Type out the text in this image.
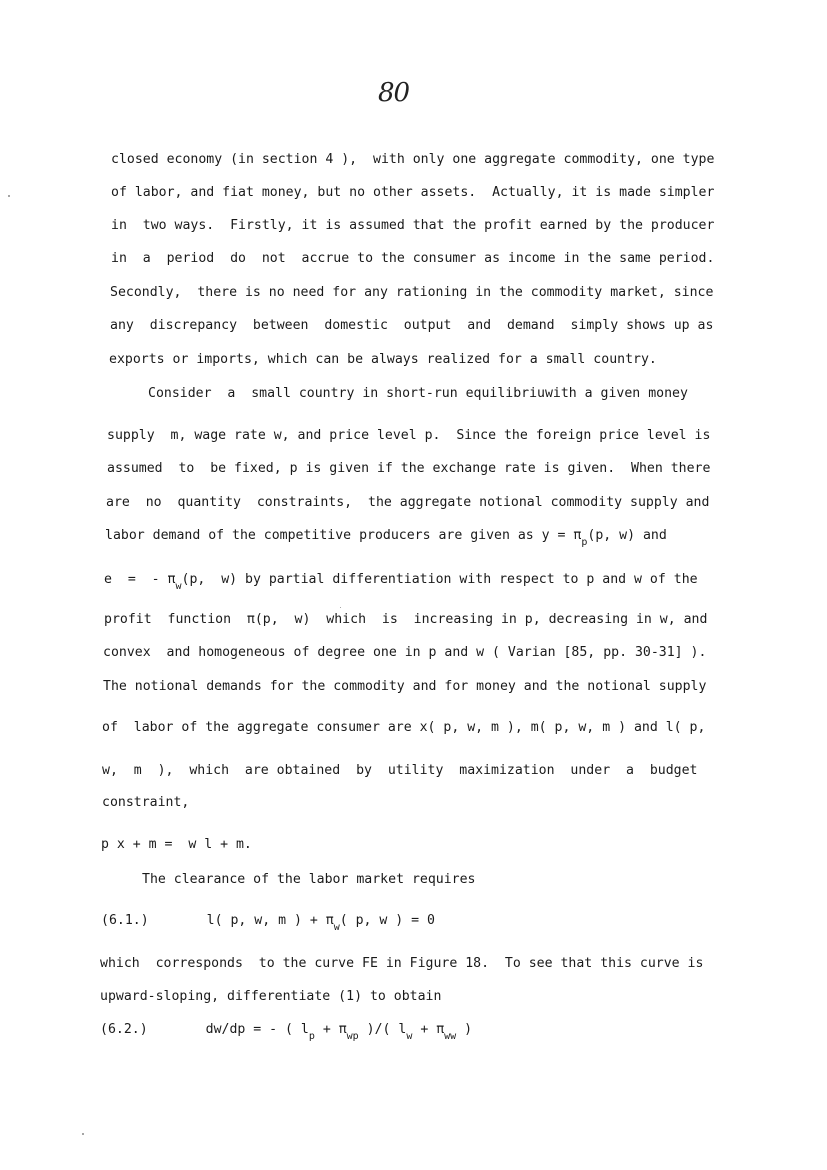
80
closed economy (in section 4 ),  with only one aggregate commodity, one type
of labor, and fiat money, but no other assets.  Actually, it is made simpler
in  two ways.  Firstly, it is assumed that the profit earned by the producer
in  a  period  do  not  accrue to the consumer as income in the same period.
Secondly,  there is no need for any rationing in the commodity market, since
any  discrepancy  between  domestic  output  and  demand  simply shows up as
exports or imports, which can be always realized for a small country.
Consider  a  small country in short-run equilibriuwith a given money
supply  m, wage rate w, and price level p.  Since the foreign price level is
assumed  to  be fixed, p is given if the exchange rate is given.  When there
are  no  quantity  constraints,  the aggregate notional commodity supply and
labor demand of the competitive producers are given as $y = \pi_p(p$, w) and
e  =  - $\pi_w(p$,  w) by partial differentiation with respect to p and w of the
profit  function  π(p,  w)  which  is  increasing in p, decreasing in w, and
convex  and homogeneous of degree one in p and w ( Varian [85, pp. 30-31] ).
The notional demands for the commodity and for money and the notional supply
of  labor of the aggregate consumer are x( p, w, m ), m( p, w, m ) and l( p,
w,  m  ),  which  are obtained  by  utility  maximization  under  a  budget
constraint,
p x + m =  w l + m.
The clearance of the labor market requires
(6.1.)	l( p, w, m ) + $\pi_w$( p, w ) = 0
which  corresponds  to the curve FE in Figure 18.  To see that this curve is
upward-sloping, differentiate (1) to obtain
(6.2.)	dw/dp = - ( $l_p + \pi_{wp}$ )/( $l_w + \pi_{ww}$ )
